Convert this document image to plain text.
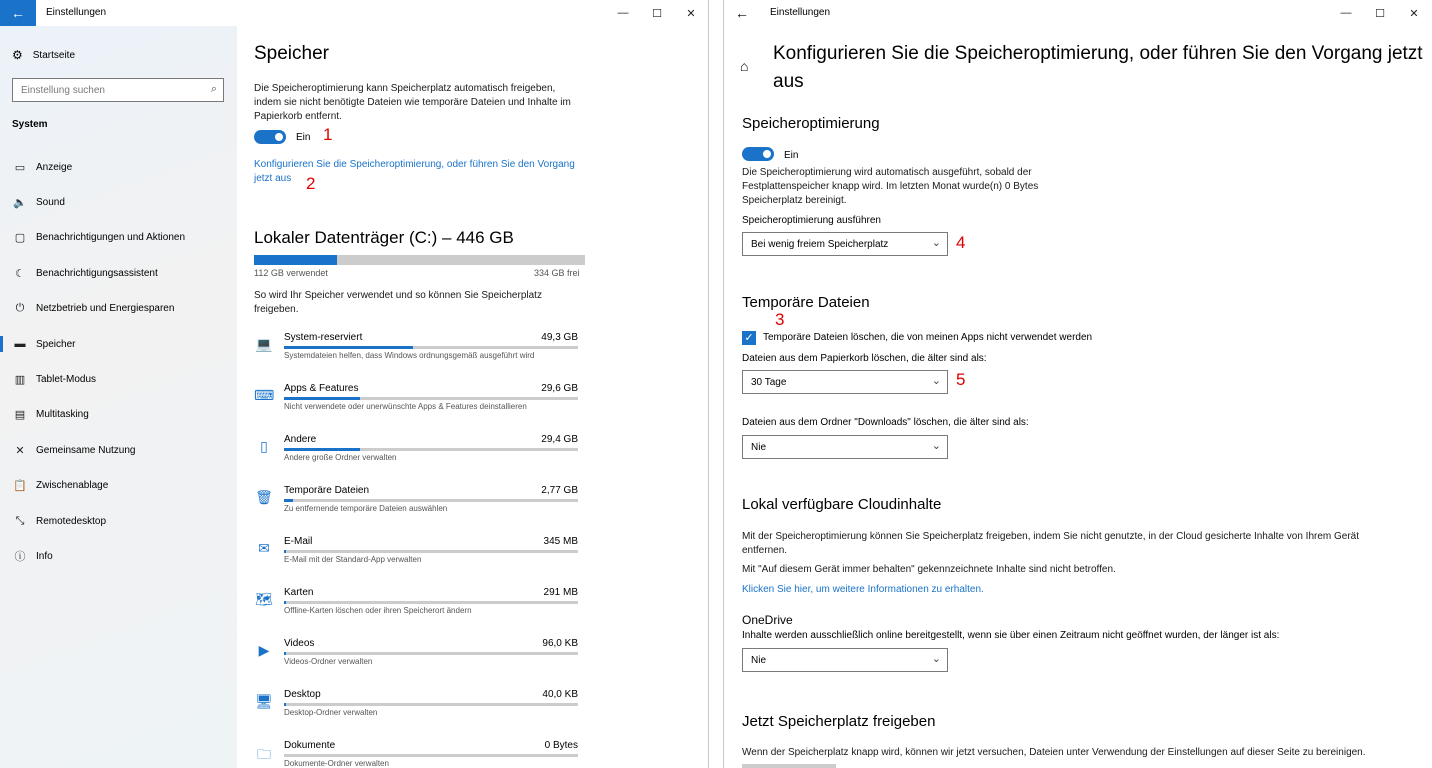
←	Einstellungen	—	☐	✕
⚙ Startseite
Einstellung suchen	⌕
System
▭	Anzeige
🔈 Sound
▢	Benachrichtigungen und Aktionen
☾	Benachrichtigungsassistent
⏻	Netzbetrieb und Energiesparen
▬	Speicher
▥	Tablet-Modus
▤	Multitasking
✕	Gemeinsame Nutzung
📋 Zwischenablage
⤡	Remotedesktop
ⓘ	Info
Speicher
Die Speicheroptimierung kann Speicherplatz automatisch freigeben, indem sie nicht benötigte Dateien wie temporäre Dateien und Inhalte im Papierkorb entfernt.
Ein 1
Konfigurieren Sie die Speicheroptimierung, oder führen Sie den Vorgang
jetzt aus 2
Lokaler Datenträger (C:) – 446 GB
112 GB verwendet	334 GB frei
So wird Ihr Speicher verwendet und so können Sie Speicherplatz freigeben.
💻 System-reserviert	49,3 GB
Systemdateien helfen, dass Windows ordnungsgemäß ausgeführt wird
⌨ Apps & Features	29,6 GB
Nicht verwendete oder unerwünschte Apps & Features deinstallieren
▯	Andere	29,4 GB
Andere große Ordner verwalten
🗑 Temporäre Dateien	2,77 GB
Zu entfernende temporäre Dateien auswählen
✉	E-Mail	345 MB
E-Mail mit der Standard-App verwalten
🗺 Karten	291 MB
Offline-Karten löschen oder ihren Speicherort ändern
▶	Videos	96,0 KB
Videos-Ordner verwalten
🖥 Desktop	40,0 KB
Desktop-Ordner verwalten
🗀
Dokumente	0 Bytes
Dokumente-Ordner verwalten
←	Einstellungen	—	☐	✕
⌂
Konfigurieren Sie die Speicheroptimierung, oder führen Sie den Vorgang jetzt aus
Speicheroptimierung
Ein
Die Speicheroptimierung wird automatisch ausgeführt, sobald der Festplattenspeicher knapp wird. Im letzten Monat wurde(n) 0 Bytes Speicherplatz bereinigt.
Speicheroptimierung ausführen
Bei wenig freiem Speicherplatz	⌄ 4
Temporäre Dateien
3
✓ Temporäre Dateien löschen, die von meinen Apps nicht verwendet werden
Dateien aus dem Papierkorb löschen, die älter sind als:
30 Tage	⌄ 5
Dateien aus dem Ordner "Downloads" löschen, die älter sind als:
Nie	⌄
Lokal verfügbare Cloudinhalte
Mit der Speicheroptimierung können Sie Speicherplatz freigeben, indem Sie nicht genutzte, in der Cloud gesicherte Inhalte von Ihrem Gerät entfernen.
Mit "Auf diesem Gerät immer behalten" gekennzeichnete Inhalte sind nicht betroffen.
Klicken Sie hier, um weitere Informationen zu erhalten.
OneDrive
Inhalte werden ausschließlich online bereitgestellt, wenn sie über einen Zeitraum nicht geöffnet wurden, der länger ist als:
Nie	⌄
Jetzt Speicherplatz freigeben
Wenn der Speicherplatz knapp wird, können wir jetzt versuchen, Dateien unter Verwendung der Einstellungen auf dieser Seite zu bereinigen.
